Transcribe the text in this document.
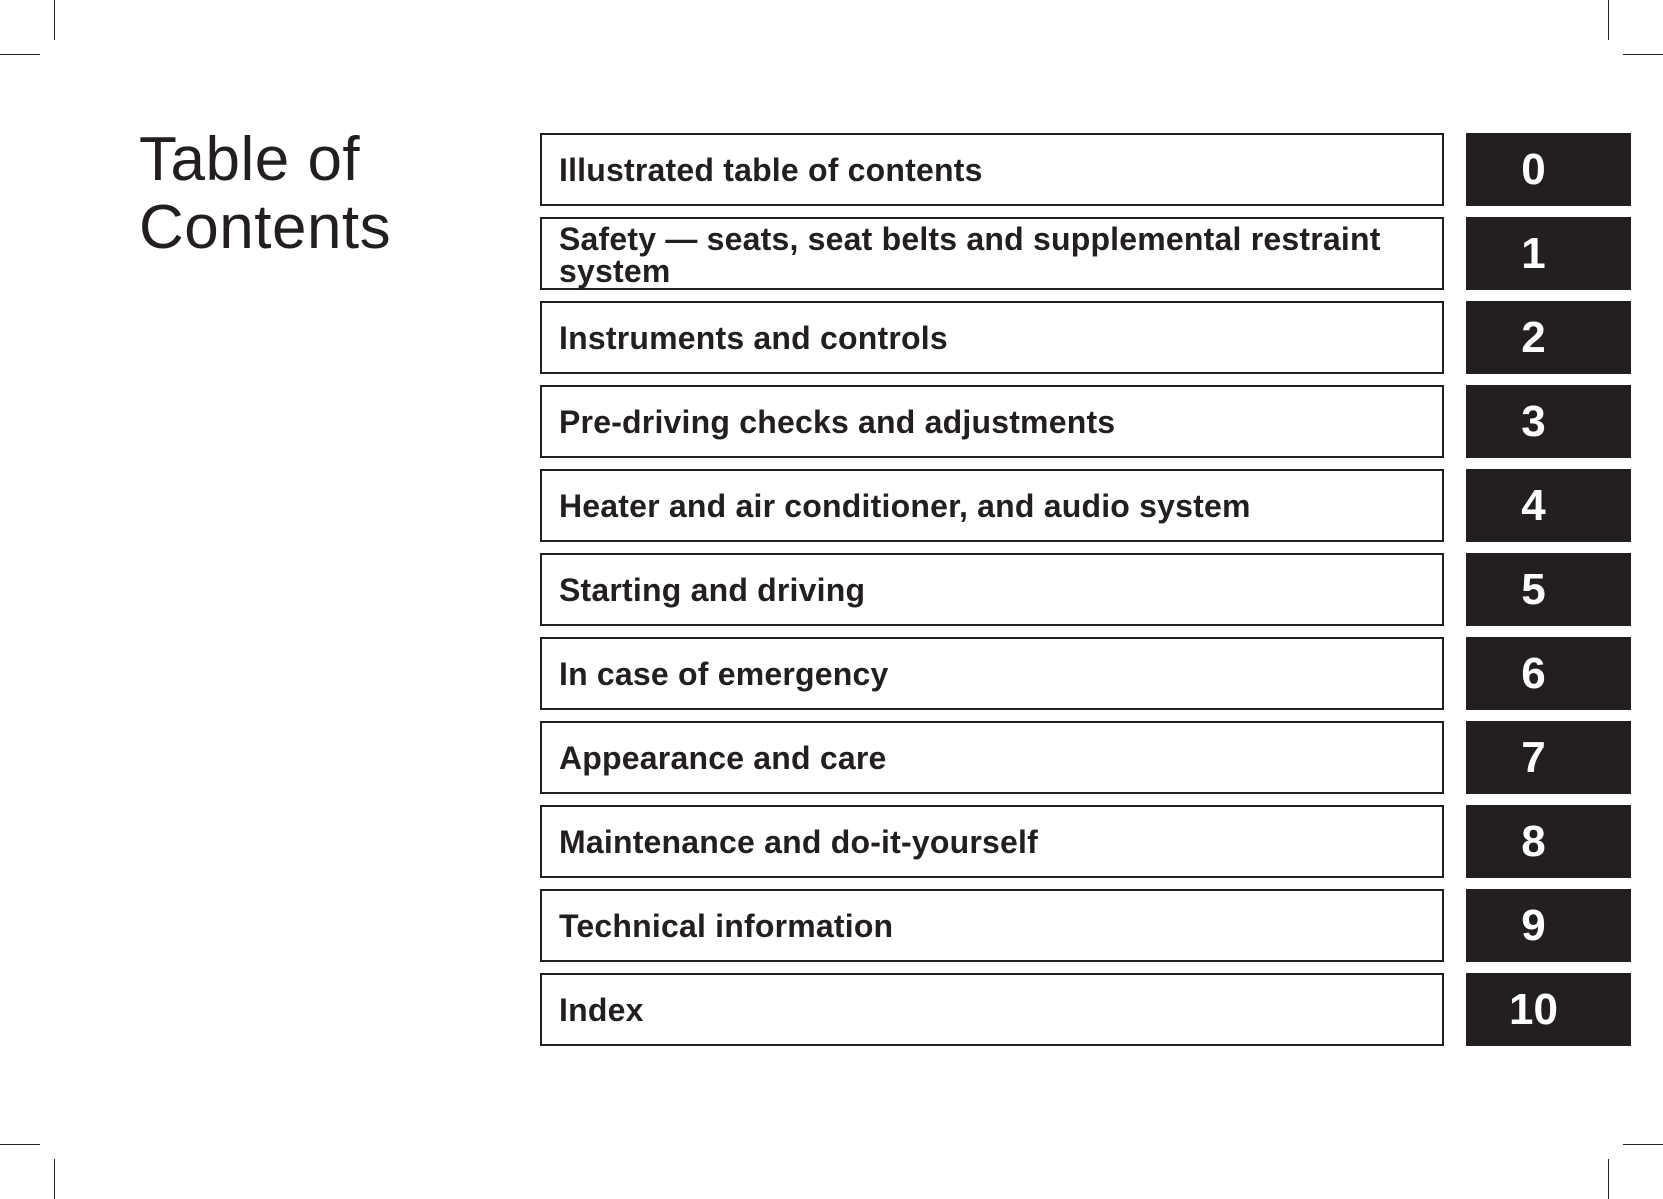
Table of
Contents
Illustrated table of contents	0
Safety — seats, seat belts and supplemental restraint system	1
Instruments and controls	2
Pre-driving checks and adjustments	3
Heater and air conditioner, and audio system	4
Starting and driving	5
In case of emergency	6
Appearance and care	7
Maintenance and do-it-yourself	8
Technical information	9
Index	10
